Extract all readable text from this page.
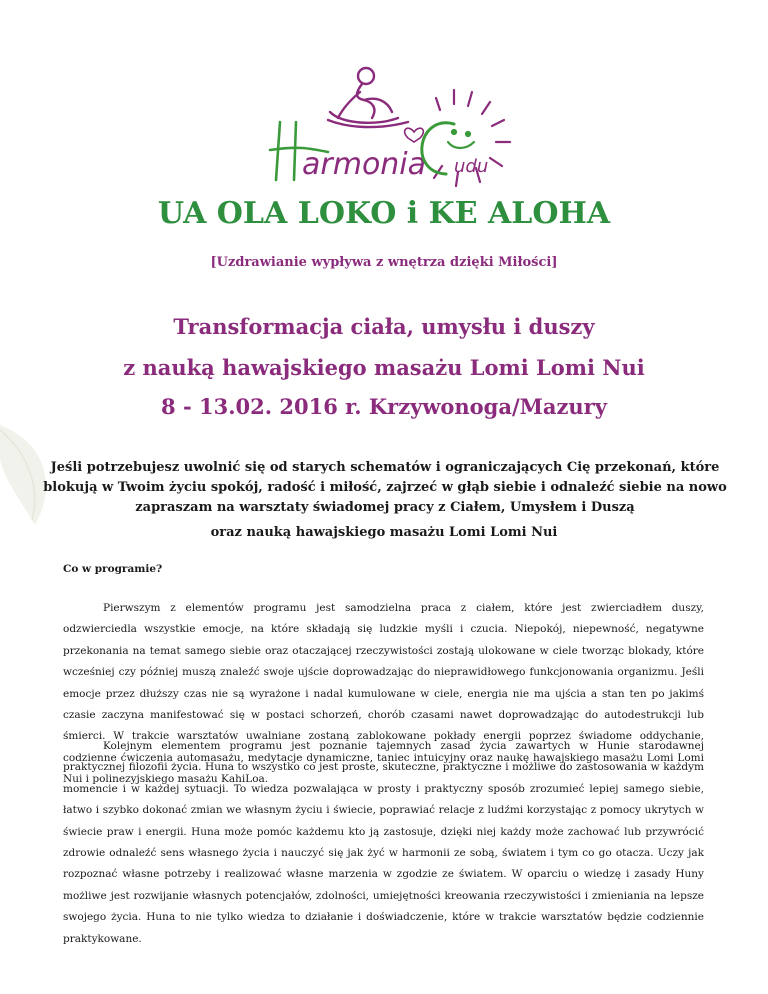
armonia udu
UA OLA LOKO i KE ALOHA

[Uzdrawianie wypływa z wnętrza dzięki Miłości]

Transformacja ciała, umysłu i duszy

z nauką hawajskiego masażu Lomi Lomi Nui

8 - 13.02. 2016 r. Krzywonoga/Mazury

Jeśli potrzebujesz uwolnić się od starych schematów i ograniczających Cię przekonań, które blokują w Twoim życiu spokój, radość i miłość, zajrzeć w głąb siebie i odnaleźć siebie na nowo zapraszam na warsztaty świadomej pracy z Ciałem, Umysłem i Duszą

oraz nauką hawajskiego masażu Lomi Lomi Nui

Co w programie?

Pierwszym z elementów programu jest samodzielna praca z ciałem, które jest zwierciadłem duszy, odzwierciedla wszystkie emocje, na które składają się ludzkie myśli i czucia. Niepokój, niepewność, negatywne przekonania na temat samego siebie oraz otaczającej rzeczywistości zostają ulokowane w ciele tworząc blokady, które wcześniej czy później muszą znaleźć swoje ujście doprowadzając do nieprawidłowego funkcjonowania organizmu. Jeśli emocje przez dłuższy czas nie są wyrażone i nadal kumulowane w ciele, energia nie ma ujścia a stan ten po jakimś czasie zaczyna manifestować się w postaci schorzeń, chorób czasami nawet doprowadzając do autodestrukcji lub śmierci. W trakcie warsztatów uwalniane zostaną zablokowane pokłady energii poprzez świadome oddychanie, codzienne ćwiczenia automasażu, medytacje dynamiczne, taniec intuicyjny oraz naukę hawajskiego masażu Lomi Lomi Nui i polinezyjskiego masażu KahiLoa.

Kolejnym elementem programu jest poznanie tajemnych zasad życia zawartych w Hunie starodawnej praktycznej filozofii życia. Huna to wszystko co jest proste, skuteczne, praktyczne i możliwe do zastosowania w każdym momencie i w każdej sytuacji. To wiedza pozwalająca w prosty i praktyczny sposób zrozumieć lepiej samego siebie, łatwo i szybko dokonać zmian we własnym życiu i świecie, poprawiać relacje z ludźmi korzystając z pomocy ukrytych w świecie praw i energii. Huna może pomóc każdemu kto ją zastosuje, dzięki niej każdy może zachować lub przywrócić zdrowie odnaleźć sens własnego życia i nauczyć się jak żyć w harmonii ze sobą, światem i tym co go otacza. Uczy jak rozpoznać własne potrzeby i realizować własne marzenia w zgodzie ze światem. W oparciu o wiedzę i zasady Huny możliwe jest rozwijanie własnych potencjałów, zdolności, umiejętności kreowania rzeczywistości i zmieniania na lepsze swojego życia. Huna to nie tylko wiedza to działanie i doświadczenie, które w trakcie warsztatów będzie codziennie praktykowane.
